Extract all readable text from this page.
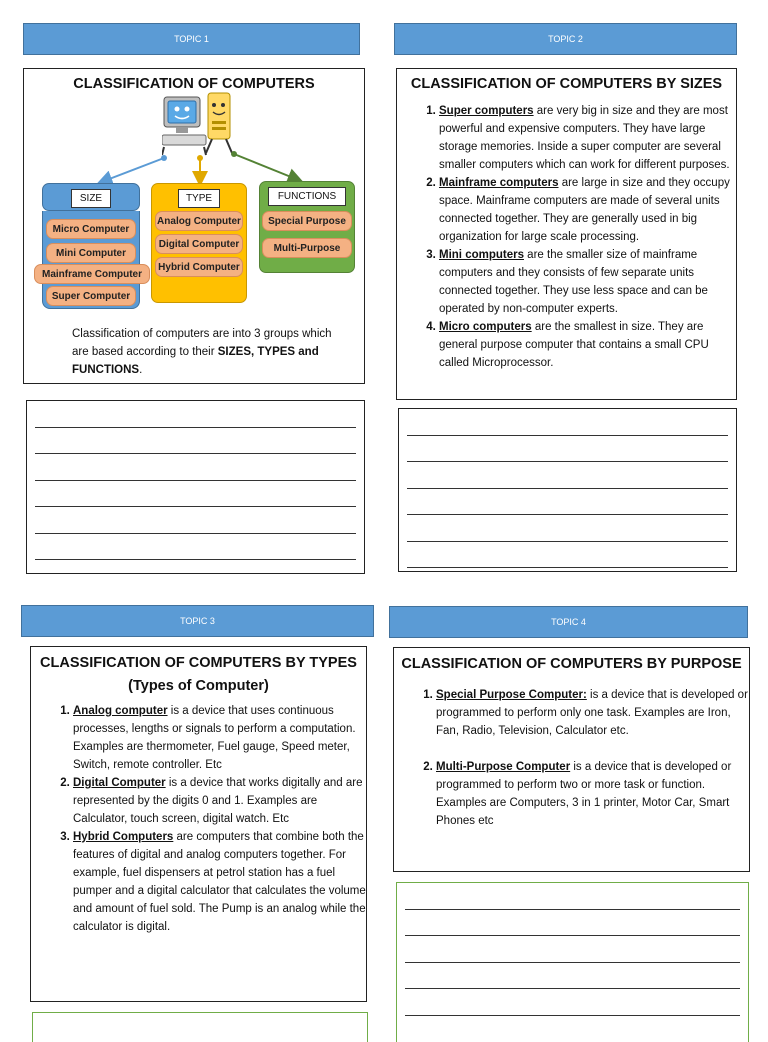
TOPIC 1
CLASSIFICATION OF COMPUTERS
SIZE
Micro Computer
Mini Computer
Mainframe Computer
Super Computer
TYPE
Analog Computer
Digital Computer
Hybrid Computer
FUNCTIONS
Special Purpose
Multi-Purpose
Classification of computers are into 3 groups which are based according to their SIZES, TYPES and FUNCTIONS.
TOPIC 2
CLASSIFICATION OF COMPUTERS BY SIZES
1. Super computers are very big in size and they are most powerful and expensive computers. They have large storage memories. Inside a super computer are several smaller computers which can work for different purposes.
2. Mainframe computers are large in size and they occupy space. Mainframe computers are made of several units connected together. They are generally used in big organization for large scale processing.
3. Mini computers are the smaller size of mainframe computers and they consists of few separate units connected together. They use less space and can be operated by non-computer experts.
4. Micro computers are the smallest in size. They are general purpose computer that contains a small CPU called Microprocessor.
TOPIC 3
CLASSIFICATION OF COMPUTERS BY TYPES
(Types of Computer)
1. Analog computer is a device that uses continuous processes, lengths or signals to perform a computation. Examples are thermometer, Fuel gauge, Speed meter, Switch, remote controller. Etc
2. Digital Computer is a device that works digitally and are represented by the digits 0 and 1. Examples are Calculator, touch screen, digital watch. Etc
3. Hybrid Computers are computers that combine both the features of digital and analog computers together. For example, fuel dispensers at petrol station has a fuel pumper and a digital calculator that calculates the volume and amount of fuel sold. The Pump is an analog while the calculator is digital.
TOPIC 4
CLASSIFICATION OF COMPUTERS BY PURPOSE
1. Special Purpose Computer: is a device that is developed or programmed to perform only one task. Examples are Iron, Fan, Radio, Television, Calculator etc.
2. Multi-Purpose Computer is a device that is developed or programmed to perform two or more task or function. Examples are Computers, 3 in 1 printer, Motor Car, Smart Phones etc
